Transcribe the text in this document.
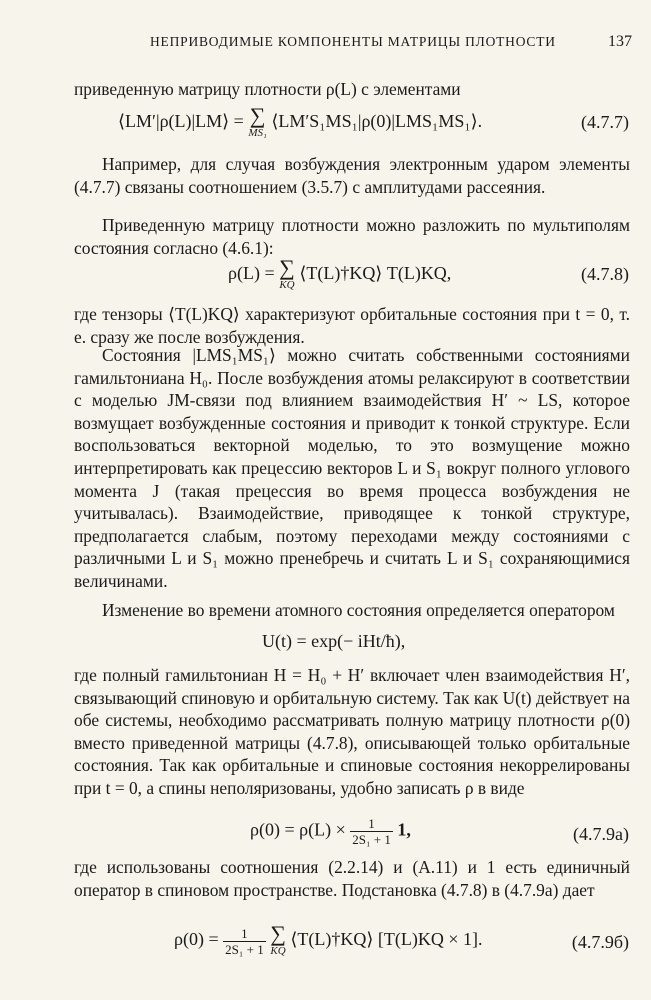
НЕПРИВОДИМЫЕ КОМПОНЕНТЫ МАТРИЦЫ ПЛОТНОСТИ	137

приведенную матрицу плотности ρ(L) с элементами

⟨LM′|ρ(L)|LM⟩ = ∑
MS₁
⟨LM′S₁MS₁|ρ(0)|LMS₁MS₁⟩.	(4.7.7)

Например, для случая возбуждения электронным ударом элементы (4.7.7) связаны соотношением (3.5.7) с амплитудами рассеяния.

Приведенную матрицу плотности можно разложить по мультиполям состояния согласно (4.6.1):

ρ(L) = ∑
KQ
⟨T(L)†KQ⟩ T(L)KQ,	(4.7.8)

где тензоры ⟨T(L)KQ⟩ характеризуют орбитальные состояния при t = 0, т. е. сразу же после возбуждения.

Состояния |LMS₁MS₁⟩ можно считать собственными состояниями гамильтониана H₀. После возбуждения атомы релаксируют в соответствии с моделью JM-связи под влиянием взаимодействия H′ ~ LS, которое возмущает возбужденные состояния и приводит к тонкой структуре. Если воспользоваться векторной моделью, то это возмущение можно интерпретировать как прецессию векторов L и S₁ вокруг полного углового момента J (такая прецессия во время процесса возбуждения не учитывалась). Взаимодействие, приводящее к тонкой структуре, предполагается слабым, поэтому переходами между состояниями с различными L и S₁ можно пренебречь и считать L и S₁ сохраняющимися величинами.

Изменение во времени атомного состояния определяется оператором

U(t) = exp(− iHt/ħ),

где полный гамильтониан H = H₀ + H′ включает член взаимодействия H′, связывающий спиновую и орбитальную систему. Так как U(t) действует на обе системы, необходимо рассматривать полную матрицу плотности ρ(0) вместо приведенной матрицы (4.7.8), описывающей только орбитальные состояния. Так как орбитальные и спиновые состояния некоррелированы при t = 0, а спины неполяризованы, удобно записать ρ в виде

$\rho(0) = \rho(L) \times \frac{1}{\text{2S₁ + 1}} 1$,	(4.7.9a)

где использованы соотношения (2.2.14) и (А.11) и 1 есть единичный оператор в спиновом пространстве. Подстановка (4.7.8) в (4.7.9а) дает

$\rho(0) = \frac{1}{\text{2S₁ + 1}}$
∑
KQ
⟨T(L)†KQ⟩ [T(L)KQ × 1].	(4.7.9б)
